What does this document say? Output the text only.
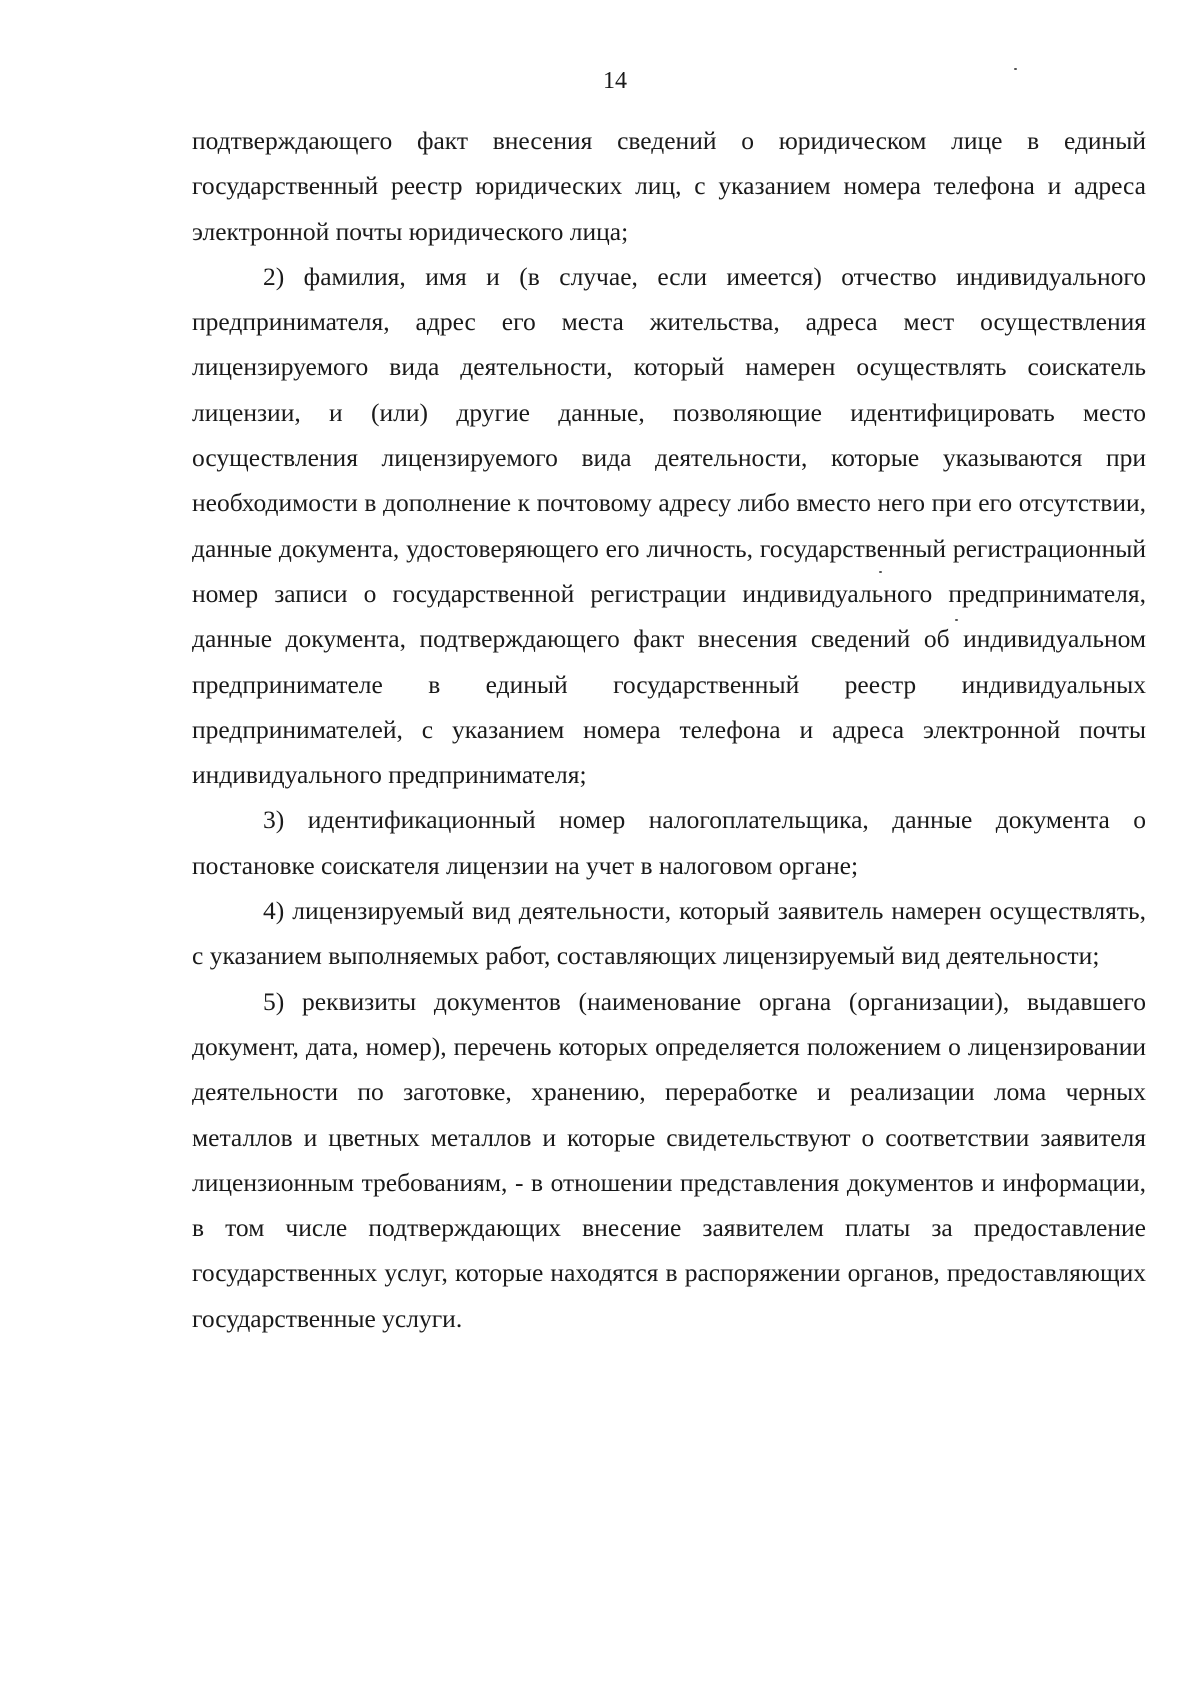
14

подтверждающего факт внесения сведений о юридическом лице в единый государственный реестр юридических лиц, с указанием номера телефона и адреса электронной почты юридического лица;

2) фамилия, имя и (в случае, если имеется) отчество индивидуального предпринимателя, адрес его места жительства, адреса мест осуществления лицензируемого вида деятельности, который намерен осуществлять соискатель лицензии, и (или) другие данные, позволяющие идентифицировать место осуществления лицензируемого вида деятельности, которые указываются при необходимости в дополнение к почтовому адресу либо вместо него при его отсутствии, данные документа, удостоверяющего его личность, государственный регистрационный номер записи о государственной регистрации индивидуального предпринимателя, данные документа, подтверждающего факт внесения сведений об индивидуальном предпринимателе в единый государственный реестр индивидуальных предпринимателей, с указанием номера телефона и адреса электронной почты индивидуального предпринимателя;

3) идентификационный номер налогоплательщика, данные документа о постановке соискателя лицензии на учет в налоговом органе;

4) лицензируемый вид деятельности, который заявитель намерен осуществлять, с указанием выполняемых работ, составляющих лицензируемый вид деятельности;

5) реквизиты документов (наименование органа (организации), выдавшего документ, дата, номер), перечень которых определяется положением о лицензировании деятельности по заготовке, хранению, переработке и реализации лома черных металлов и цветных металлов и которые свидетельствуют о соответствии заявителя лицензионным требованиям, - в отношении представления документов и информации, в том числе подтверждающих внесение заявителем платы за предоставление государственных услуг, которые находятся в распоряжении органов, предоставляющих государственные услуги.
